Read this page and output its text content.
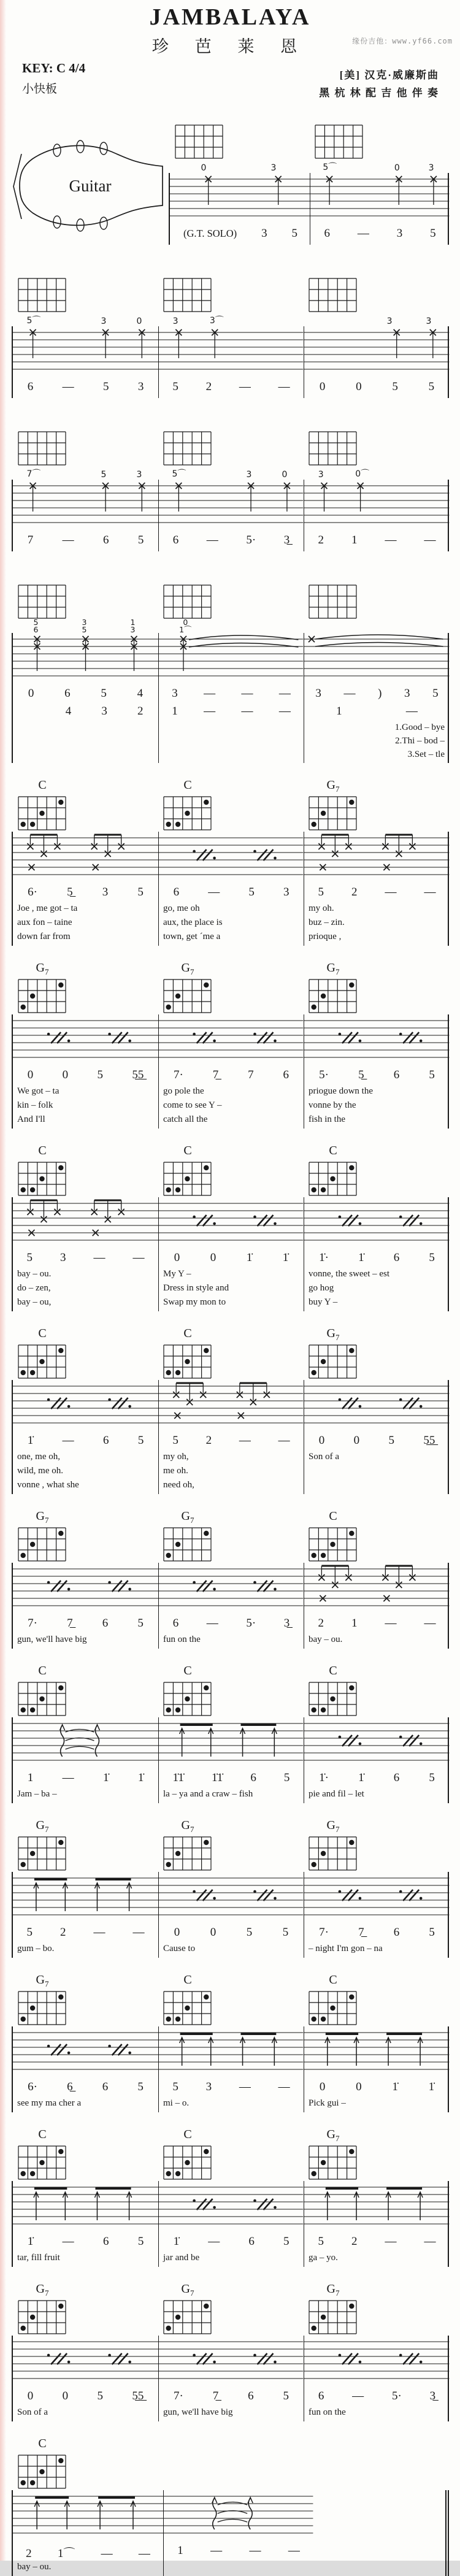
JAMBALAYA
珍 芭 莱 恩	缘份吉他：www.yf66.com
KEY: C 4/4
小快板
[美] 汉克·威廉斯曲
黑 杭 林 配 吉 他 伴 奏
Guitar

0	3	5⌒	0	3
(G.T. SOLO) 3 5 6 — 3 5

5⌒	3	0	3	3⌒	3	3
6 — 5 3 5 2 — —	0	0	5	5

7⌒	5	3	5⌒	3	0	3	0⌒
7 — 6 5 6 — 5· 3̲ 2 1 — —

5
6
3
5
1
3
0
1⌒
0	6	5	4
4	3	2
3 — — —
1 — — —
3 — ) 3 5
1	—
1.Good – bye
2.Thi – bod –
3.Set – tle
C	C	$G_7$
6·	5̲	3	5
Joe , me got – ta
aux fon – taine
down far from
6 — 5 3
go, me oh
aux, the place is
town, get ´me a
5 2 — —
my oh.
buz – zin.
prioque ,
$G_7$	$G_7$	$G_7$
0 0 5 5̲5̲
We got – ta
kin – folk
And I'll
7·	7̲	7	6
go pole the
come to see Y –
catch all the
5·	5̲	6	5
priogue down the
vonne by the
fish in the
C	C	C
5 3 — —
bay – ou.
do – zen,
bay – ou,
0	0	1̇	1̇
My Y –
Dress in style and
Swap my mon to
1̇·	1̇	6	5
vonne, the sweet – est
go hog
buy Y –
C	C	$G_7$
1̇ — 6 5
one, me oh,
wild, me oh.
vonne , what she
5 2 — —
my oh,
me oh.
need oh,
0 0 5 5̲5̲
Son of a
$G_7$	$G_7$	C
7·	7̲	6	5
gun, we'll have big
6 — 5· 3̲
fun on the
2 1 — —
bay – ou.
C	C	C
1 — 1̇ 1̇
Jam – ba –
1̇1̇ 1̇1̇ 6 5
la – ya and a craw – fish
1̇·	1̇	6	5
pie and fil – let
$G_7$	$G_7$	$G_7$
5 2 — —
gum – bo.
0	0	5	5
Cause to
7·	7̲	6	5
– night I'm gon – na
$G_7$	C	C
6·	6̲	6	5
see my ma cher a
5 3 — —
mi – o.
0	0	1̇	1̇
Pick gui –
C	C	$G_7$
1̇ — 6 5
tar, fill fruit
1̇ — 6 5
jar and be
5 2 — —
ga – yo.
$G_7$	$G_7$	$G_7$
0 0 5 5̲5̲
Son of a
7·	7̲	6	5
gun, we'll have big
6 — 5· 3̲
fun on the
C
2 1⌒ — —
bay – ou.
1 — — —
